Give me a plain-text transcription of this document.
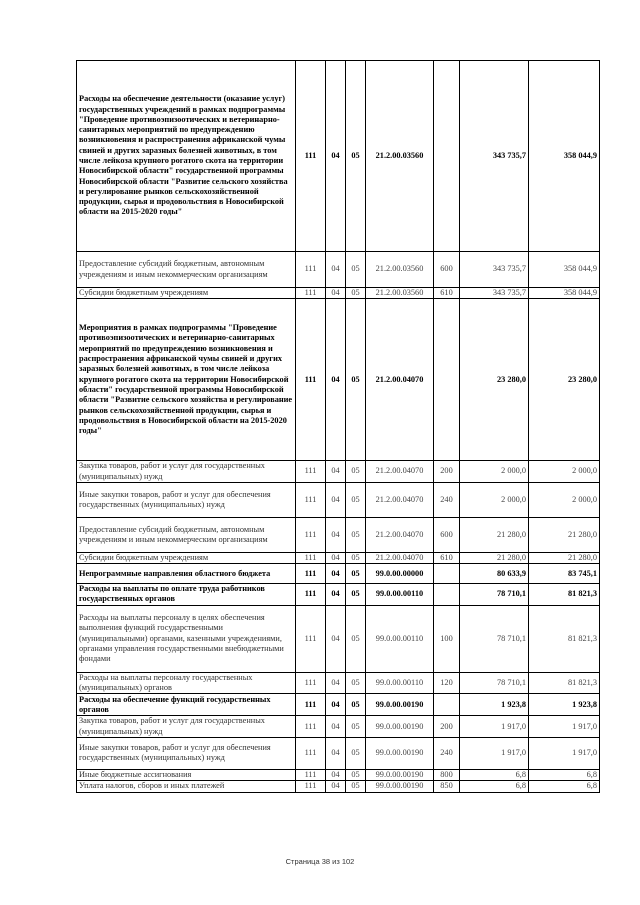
Расходы на обеспечение деятельности (оказание услуг) государственных учреждений в рамках подпрограммы "Проведение противоэпизоотических и ветеринарно-санитарных мероприятий по предупреждению возникновения и распространения африканской чумы свиней и других заразных болезней животных, в том числе лейкоза крупного рогатого скота на территории Новосибирской области" государственной программы Новосибирской области "Развитие сельского хозяйства и регулирование рынков сельскохозяйственной продукции, сырья и продовольствия в Новосибирской области на 2015-2020 годы"	111	04	05	21.2.00.03560		343 735,7	358 044,9
Предоставление субсидий бюджетным, автономным учреждениям и иным некоммерческим организациям	111	04	05	21.2.00.03560	600	343 735,7	358 044,9
Субсидии бюджетным учреждениям	111	04	05	21.2.00.03560	610	343 735,7	358 044,9
Мероприятия в рамках подпрограммы "Проведение противоэпизоотических и ветеринарно-санитарных мероприятий по предупреждению возникновения и распространения африканской чумы свиней и других заразных болезней животных, в том числе лейкоза крупного рогатого скота на территории Новосибирской области" государственной программы Новосибирской области "Развитие сельского хозяйства и регулирование рынков сельскохозяйственной продукции, сырья и продовольствия в Новосибирской области на 2015-2020 годы"	111	04	05	21.2.00.04070		23 280,0	23 280,0
Закупка товаров, работ и услуг для государственных (муниципальных) нужд	111	04	05	21.2.00.04070	200	2 000,0	2 000,0
Иные закупки товаров, работ и услуг для обеспечения государственных (муниципальных) нужд	111	04	05	21.2.00.04070	240	2 000,0	2 000,0
Предоставление субсидий бюджетным, автономным учреждениям и иным некоммерческим организациям	111	04	05	21.2.00.04070	600	21 280,0	21 280,0
Субсидии бюджетным учреждениям	111	04	05	21.2.00.04070	610	21 280,0	21 280,0
Непрограммные направления областного бюджета	111	04	05	99.0.00.00000		80 633,9	83 745,1
Расходы на выплаты по оплате труда работников государственных органов	111	04	05	99.0.00.00110		78 710,1	81 821,3
Расходы на выплаты персоналу в целях обеспечения выполнения функций государственными (муниципальными) органами, казенными учреждениями, органами управления государственными внебюджетными фондами	111	04	05	99.0.00.00110	100	78 710,1	81 821,3
Расходы на выплаты персоналу государственных (муниципальных) органов	111	04	05	99.0.00.00110	120	78 710,1	81 821,3
Расходы на обеспечение функций государственных органов	111	04	05	99.0.00.00190		1 923,8	1 923,8
Закупка товаров, работ и услуг для государственных (муниципальных) нужд	111	04	05	99.0.00.00190	200	1 917,0	1 917,0
Иные закупки товаров, работ и услуг для обеспечения государственных (муниципальных) нужд	111	04	05	99.0.00.00190	240	1 917,0	1 917,0
Иные бюджетные ассигнования	111	04	05	99.0.00.00190	800	6,8	6,8
Уплата налогов, сборов и иных платежей	111	04	05	99.0.00.00190	850	6,8	6,8
Страница 38 из 102
